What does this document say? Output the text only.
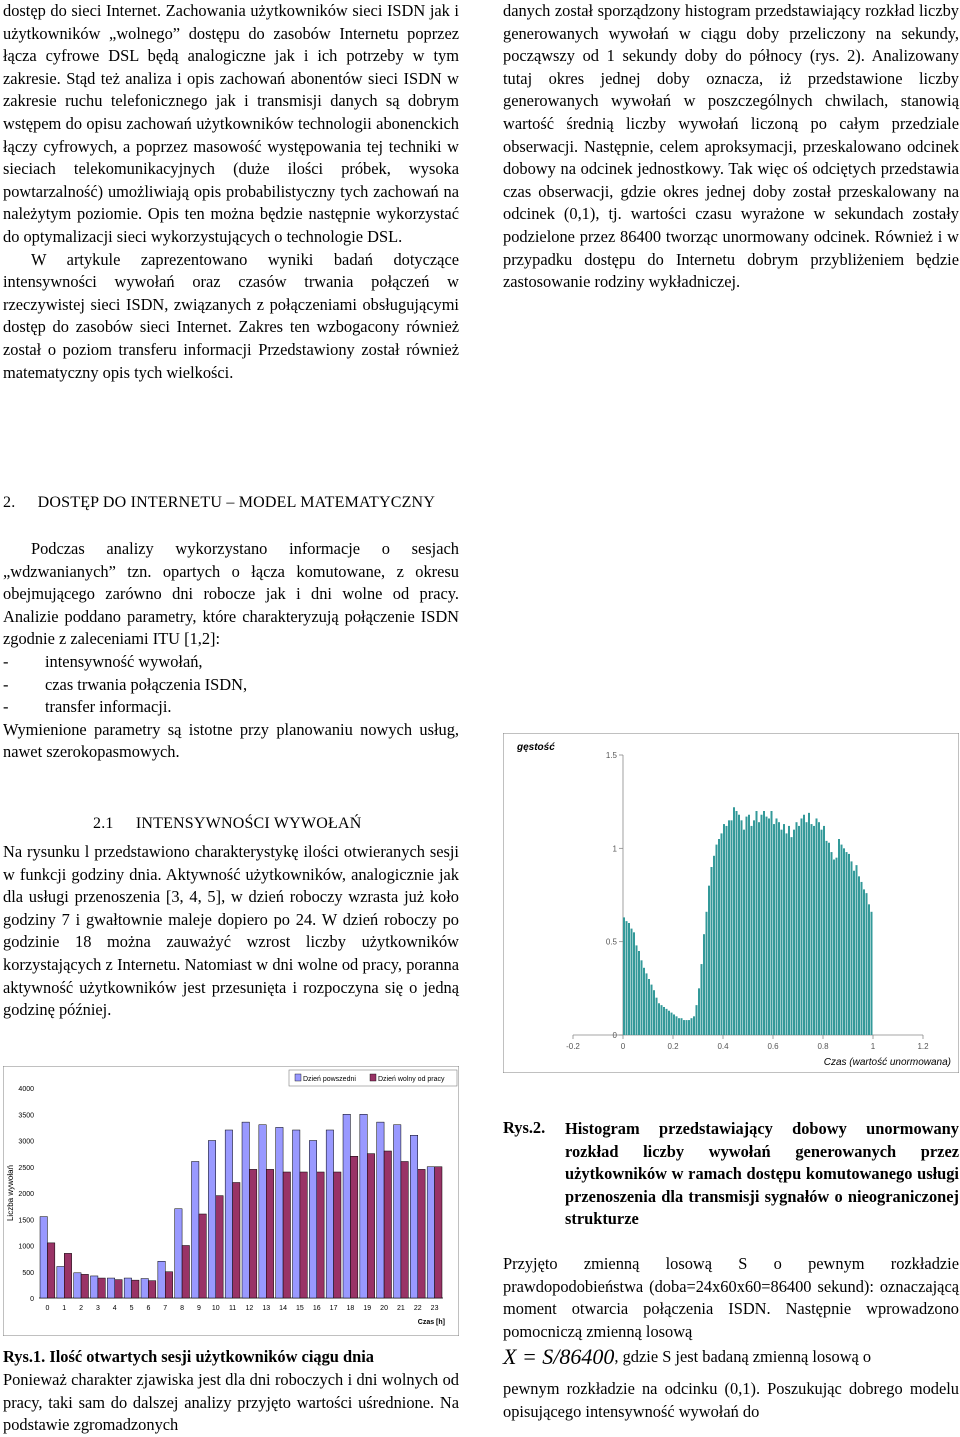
dostęp do sieci Internet. Zachowania użytkowników sieci ISDN jak i użytkowników „wolnego” dostępu do zasobów Internetu poprzez łącza cyfrowe DSL będą analogiczne jak i ich potrzeby w tym zakresie. Stąd też analiza i opis zachowań abonentów sieci ISDN w zakresie ruchu telefonicznego jak i transmisji danych są dobrym wstępem do opisu zachowań użytkowników technologii abonenckich łączy cyfrowych, a poprzez masowość występowania tej techniki w sieciach telekomunikacyjnych (duże ilości próbek, wysoka powtarzalność) umożliwiają opis probabilistyczny tych zachowań na należytym poziomie. Opis ten można będzie następnie wykorzystać do optymalizacji sieci wykorzystujących o technologie DSL.

W artykule zaprezentowano wyniki badań dotyczące intensywności wywołań oraz czasów trwania połączeń w rzeczywistej sieci ISDN, związanych z połączeniami obsługującymi dostęp do zasobów sieci Internet. Zakres ten wzbogacony również został o poziom transferu informacji Przedstawiony został również matematyczny opis tych wielkości.

2. DOSTĘP DO INTERNETU – MODEL MATEMATYCZNY

Podczas analizy wykorzystano informacje o sesjach „wdzwanianych” tzn. opartych o łącza komutowane, z okresu obejmującego zarówno dni robocze jak i dni wolne od pracy. Analizie poddano parametry, które charakteryzują połączenie ISDN zgodnie z zaleceniami ITU [1,2]:

-	intensywność wywołań,
-	czas trwania połączenia ISDN,
-	transfer informacji.

Wymienione parametry są istotne przy planowaniu nowych usług, nawet szerokopasmowych.

2.1 INTENSYWNOŚCI WYWOŁAŃ

Na rysunku l przedstawiono charakterystykę ilości otwieranych sesji w funkcji godziny dnia. Aktywność użytkowników, analogicznie jak dla usługi przenoszenia [3, 4, 5], w dzień roboczy wzrasta już koło godziny 7 i gwałtownie maleje dopiero po 24. W dzień roboczy po godzinie 18 można zauważyć wzrost liczby użytkowników korzystających z Internetu. Natomiast w dni wolne od pracy, poranna aktywność użytkowników jest przesunięta i rozpoczyna się o jedną godzinę później.

Liczba wywołań
0
500
1000
1500
2000
2500
3000
3500
4000
0 1 2 3 4 5 6 7 8 9 10 11 12 13 14 15 16 17 18 19 20 21 22 23
Czas [h]
Dzień powszedni	Dzień wolny od pracy
Rys.1. Ilość otwartych sesji użytkowników ciągu dnia
Ponieważ charakter zjawiska jest dla dni roboczych i dni wolnych od pracy, taki sam do dalszej analizy przyjęto wartości uśrednione. Na podstawie zgromadzonych

danych został sporządzony histogram przedstawiający rozkład liczby generowanych wywołań w ciągu doby przeliczony na sekundy, począwszy od 1 sekundy doby do północy (rys. 2). Analizowany tutaj okres jednej doby oznacza, iż przedstawione liczby generowanych wywołań w poszczególnych chwilach, stanowią wartość średnią liczby wywołań liczoną po całym przedziale obserwacji. Następnie, celem aproksymacji, przeskalowano odcinek dobowy na odcinek jednostkowy. Tak więc oś odciętych przedstawia czas obserwacji, gdzie okres jednej doby został przeskalowany na odcinek (0,1), tj. wartości czasu wyrażone w sekundach zostały podzielone przez 86400 tworząc unormowany odcinek. Również i w przypadku dostępu do Internetu dobrym przybliżeniem będzie zastosowanie rodziny wykładniczej.

gęstość
0
0.5
1
1.5
-0.2	0	0.2	0.4	0.6	0.8	1	1.2
Czas (wartość unormowana)
Rys.2. Histogram przedstawiający dobowy unormowany rozkład liczby wywołań generowanych przez użytkowników w ramach dostępu komutowanego usługi przenoszenia dla transmisji sygnałów o nieograniczonej strukturze
Przyjęto zmienną losową S o pewnym rozkładzie prawdopodobieństwa (doba=24x60x60=86400 sekund): oznaczającą moment otwarcia połączenia ISDN. Następnie wprowadzono pomocniczą zmienną losową
X = S/86400 , gdzie S jest badaną zmienną losową o
pewnym rozkładzie na odcinku (0,1). Poszukując dobrego modelu opisującego intensywność wywołań do
